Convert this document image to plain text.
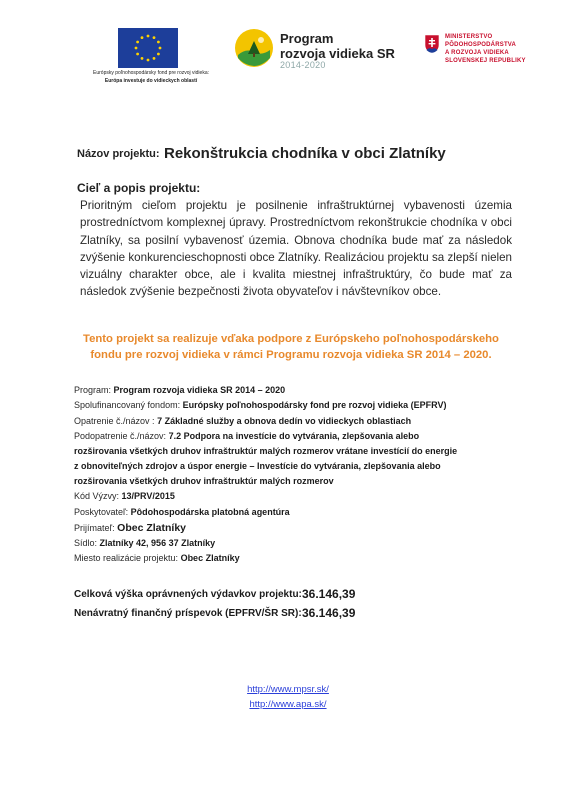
Európsky poľnohospodársky fond pre rozvoj vidieka:
Európa investuje do vidieckych oblastí
Program
rozvoja vidieka SR
2014-2020
MINISTERSTVO
PÔDOHOSPODÁRSTVA
A ROZVOJA VIDIEKA
SLOVENSKEJ REPUBLIKY
Názov projektu: Rekonštrukcia chodníka v obci Zlatníky
Cieľ a popis projektu:
Prioritným cieľom projektu je posilnenie infraštruktúrnej vybavenosti územia prostredníctvom komplexnej úpravy. Prostredníctvom rekonštrukcie chodníka v obci Zlatníky, sa posilní vybavenosť územia. Obnova chodníka bude mať za následok zvýšenie konkurencieschopnosti obce Zlatníky. Realizáciou projektu sa zlepší nielen vizuálny charakter obce, ale i kvalita miestnej infraštruktúry, čo bude mať za následok zvýšenie bezpečnosti života obyvateľov i návštevníkov obce.
Tento projekt sa realizuje vďaka podpore z Európskeho poľnohospodárskeho
fondu pre rozvoj vidieka v rámci Programu rozvoja vidieka SR 2014 – 2020.
Program: Program rozvoja vidieka SR 2014 – 2020
Spolufinancovaný fondom: Európsky poľnohospodársky fond pre rozvoj vidieka (EPFRV)
Opatrenie č./názov : 7 Základné služby a obnova dedín vo vidieckych oblastiach
Podopatrenie č./názov: 7.2 Podpora na investície do vytvárania, zlepšovania alebo
rozširovania všetkých druhov infraštruktúr malých rozmerov vrátane investícií do energie
z obnoviteľných zdrojov a úspor energie – Investície do vytvárania, zlepšovania alebo
rozširovania všetkých druhov infraštruktúr malých rozmerov
Kód Výzvy: 13/PRV/2015
Poskytovateľ: Pôdohospodárska platobná agentúra
Prijímateľ: Obec Zlatníky
Sídlo: Zlatníky 42, 956 37 Zlatníky
Miesto realizácie projektu: Obec Zlatníky
Celková výška oprávnených výdavkov projektu: 36.146,39
Nenávratný finančný príspevok (EPFRV/ŠR SR): 36.146,39
http://www.mpsr.sk/
http://www.apa.sk/
